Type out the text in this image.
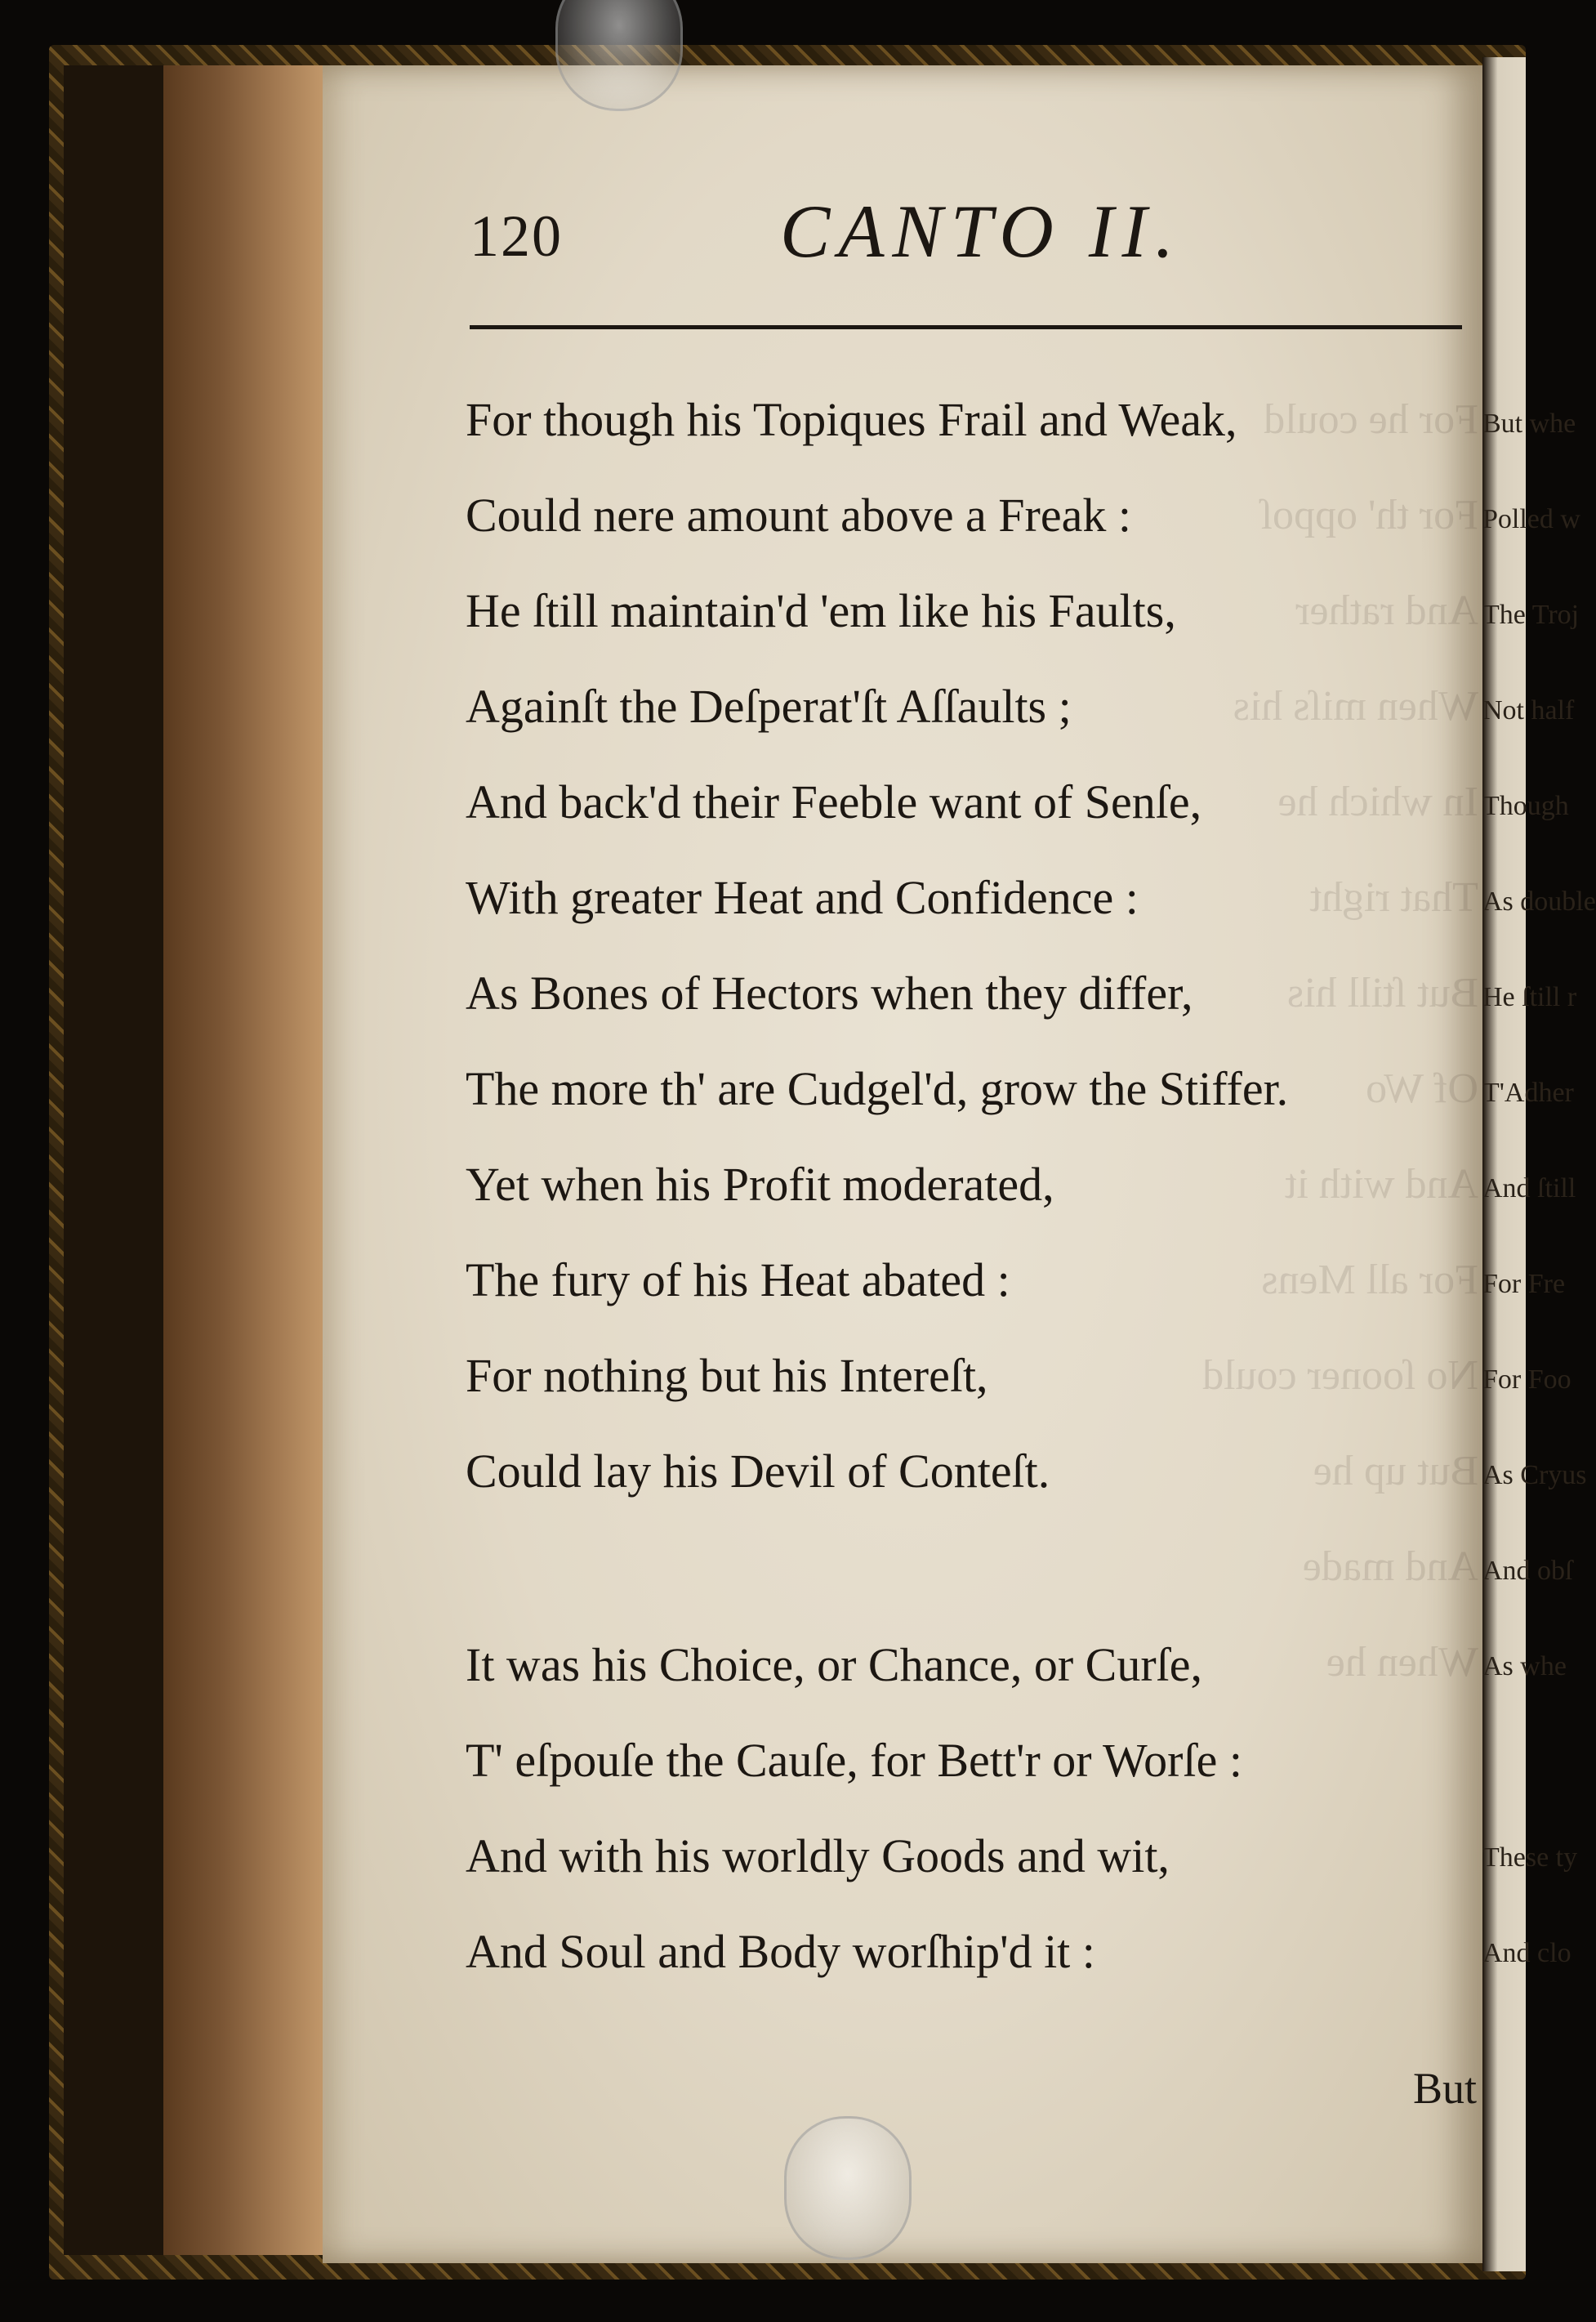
120	CANTO II.
For he could
For th' oppoſ
And rather
When miſs his
In which he
That right
But ſtill his
Of Wo
And with it
For all Mens
No ſooner could
But up he
And made
When he
For though his Topiques Frail and Weak,
Could nere amount above a Freak :
He ſtill maintain'd 'em like his Faults,
Againſt the Deſperat'ſt Aſſaults ;
And back'd their Feeble want of Senſe,
With greater Heat and Confidence :
As Bones of Hectors when they differ,
The more th' are Cudgel'd, grow the Stiffer.
Yet when his Profit moderated,
The fury of his Heat abated :
For nothing but his Intereſt,
Could lay his Devil of Conteſt.
It was his Choice, or Chance, or Curſe,
T' eſpouſe the Cauſe, for Bett'r or Worſe :
And with his worldly Goods and wit,
And Soul and Body worſhip'd it :
But
But whe
Polled w
The Troj
Not half
Though
As double
He ſtill r
T'Adher
And ſtill
For Fre
For Foo
As Cryus
And obſ
As whe
These ty
And clo
